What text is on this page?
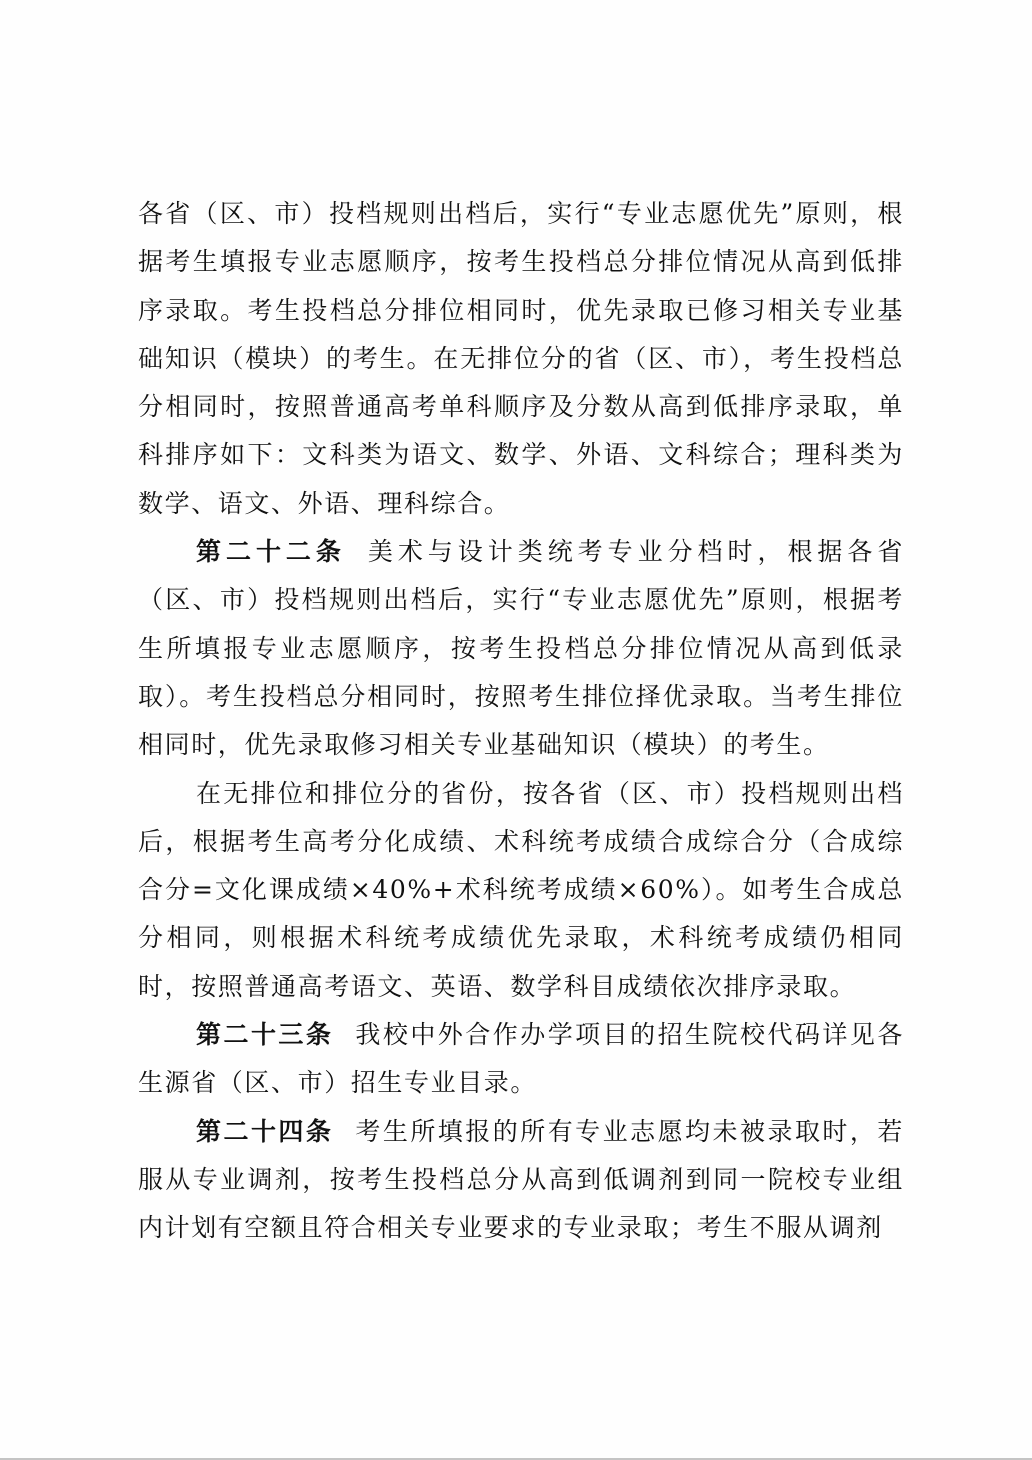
各省（区、市）投档规则出档后，实行“专业志愿优先”原则，根据考生填报专业志愿顺序，按考生投档总分排位情况从高到低排序录取。考生投档总分排位相同时，优先录取已修习相关专业基础知识（模块）的考生。在无排位分的省（区、市），考生投档总分相同时，按照普通高考单科顺序及分数从高到低排序录取，单科排序如下：文科类为语文、数学、外语、文科综合；理科类为数学、语文、外语、理科综合。

第二十二条 美术与设计类统考专业分档时，根据各省（区、市）投档规则出档后，实行“专业志愿优先”原则，根据考生所填报专业志愿顺序，按考生投档总分排位情况从高到低录取）。考生投档总分相同时，按照考生排位择优录取。当考生排位相同时，优先录取修习相关专业基础知识（模块）的考生。

在无排位和排位分的省份，按各省（区、市）投档规则出档后，根据考生高考分化成绩、术科统考成绩合成综合分（合成综合分=文化课成绩×40%+术科统考成绩×60%）。如考生合成总分相同，则根据术科统考成绩优先录取，术科统考成绩仍相同时，按照普通高考语文、英语、数学科目成绩依次排序录取。

第二十三条 我校中外合作办学项目的招生院校代码详见各生源省（区、市）招生专业目录。

第二十四条 考生所填报的所有专业志愿均未被录取时，若服从专业调剂，按考生投档总分从高到低调剂到同一院校专业组内计划有空额且符合相关专业要求的专业录取；考生不服从调剂
